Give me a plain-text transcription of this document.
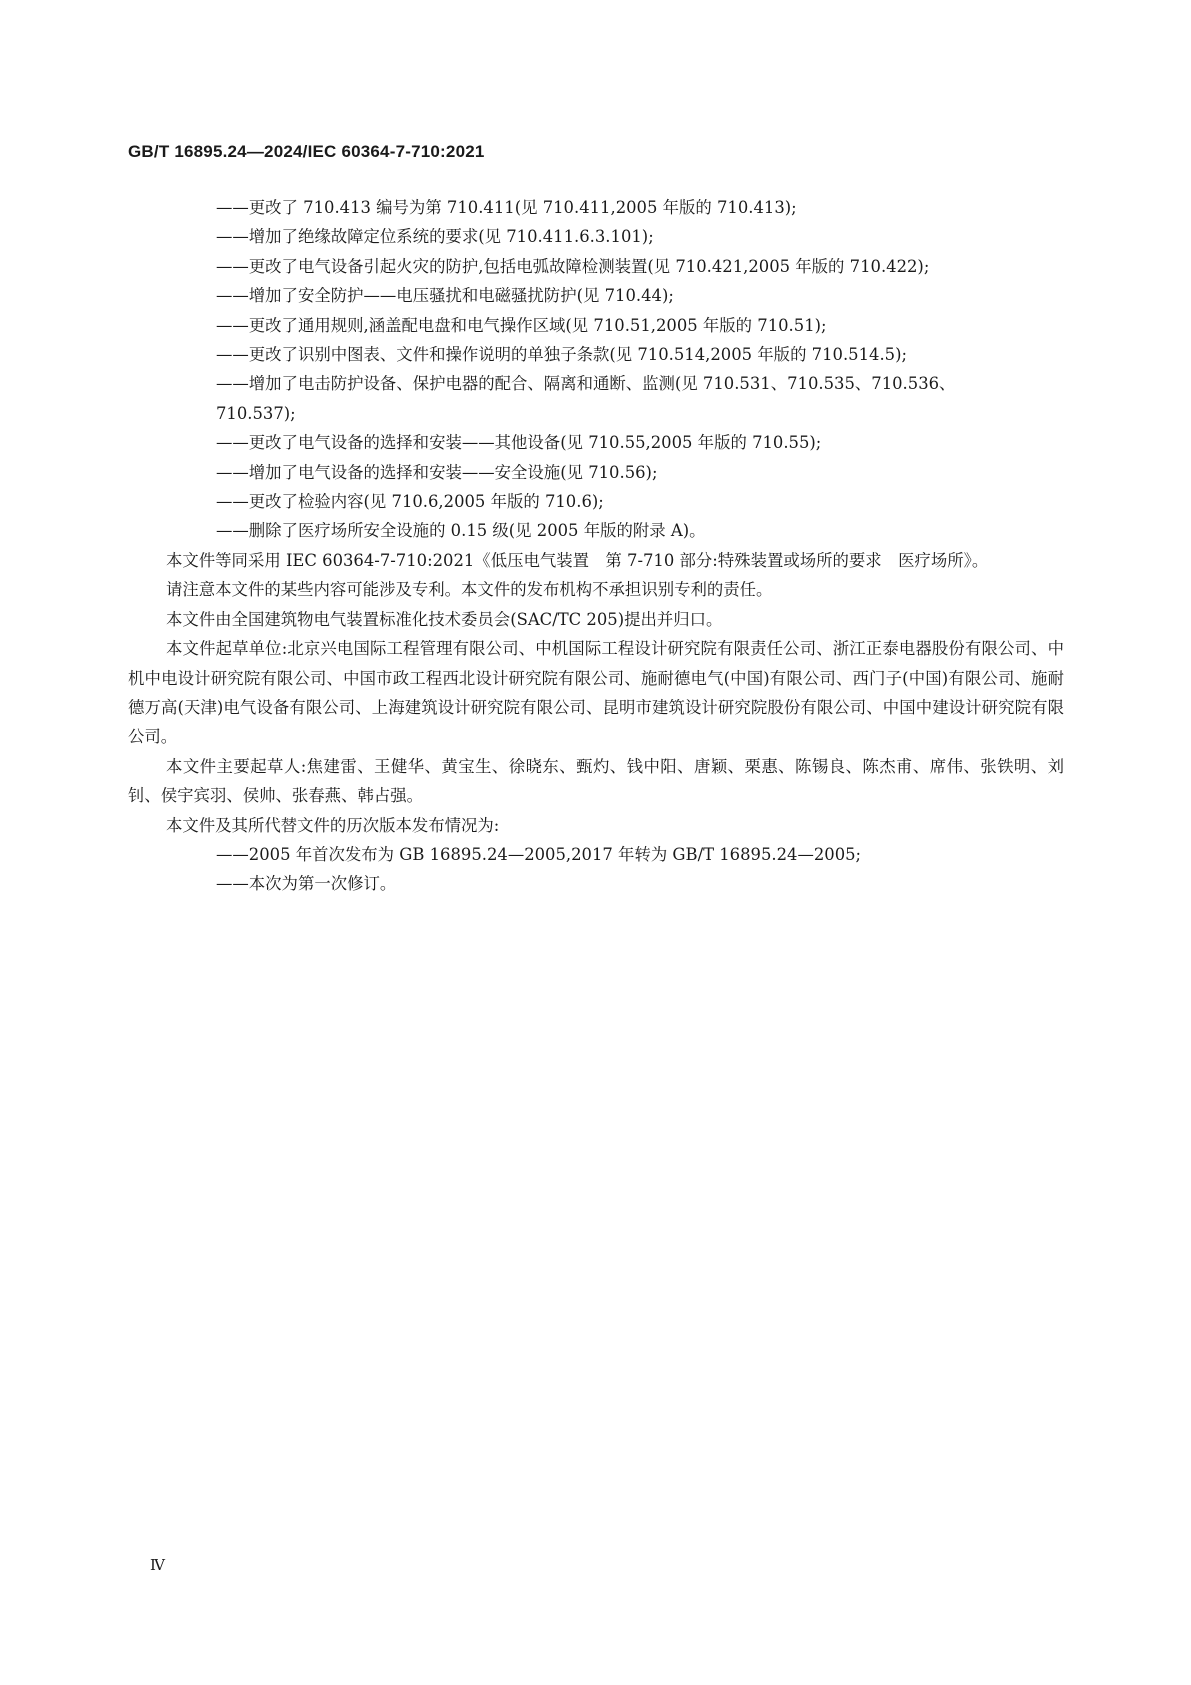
GB/T 16895.24—2024/IEC 60364-7-710:2021
——更改了 710.413 编号为第 710.411(见 710.411,2005 年版的 710.413);
——增加了绝缘故障定位系统的要求(见 710.411.6.3.101);
——更改了电气设备引起火灾的防护,包括电弧故障检测装置(见 710.421,2005 年版的 710.422);
——增加了安全防护——电压骚扰和电磁骚扰防护(见 710.44);
——更改了通用规则,涵盖配电盘和电气操作区域(见 710.51,2005 年版的 710.51);
——更改了识别中图表、文件和操作说明的单独子条款(见 710.514,2005 年版的 710.514.5);
——增加了电击防护设备、保护电器的配合、隔离和通断、监测(见 710.531、710.535、710.536、
710.537);
——更改了电气设备的选择和安装——其他设备(见 710.55,2005 年版的 710.55);
——增加了电气设备的选择和安装——安全设施(见 710.56);
——更改了检验内容(见 710.6,2005 年版的 710.6);
——删除了医疗场所安全设施的 0.15 级(见 2005 年版的附录 A)。
本文件等同采用 IEC 60364-7-710:2021《低压电气装置　第 7-710 部分:特殊装置或场所的要求　医疗场所》。
请注意本文件的某些内容可能涉及专利。本文件的发布机构不承担识别专利的责任。
本文件由全国建筑物电气装置标准化技术委员会(SAC/TC 205)提出并归口。
本文件起草单位:北京兴电国际工程管理有限公司、中机国际工程设计研究院有限责任公司、浙江正泰电器股份有限公司、中机中电设计研究院有限公司、中国市政工程西北设计研究院有限公司、施耐德电气(中国)有限公司、西门子(中国)有限公司、施耐德万高(天津)电气设备有限公司、上海建筑设计研究院有限公司、昆明市建筑设计研究院股份有限公司、中国中建设计研究院有限公司。
本文件主要起草人:焦建雷、王健华、黄宝生、徐晓东、甄灼、钱中阳、唐颖、栗惠、陈锡良、陈杰甫、席伟、张铁明、刘钊、侯宇宾羽、侯帅、张春燕、韩占强。
本文件及其所代替文件的历次版本发布情况为:
——2005 年首次发布为 GB 16895.24—2005,2017 年转为 GB/T 16895.24—2005;
——本次为第一次修订。
Ⅳ
